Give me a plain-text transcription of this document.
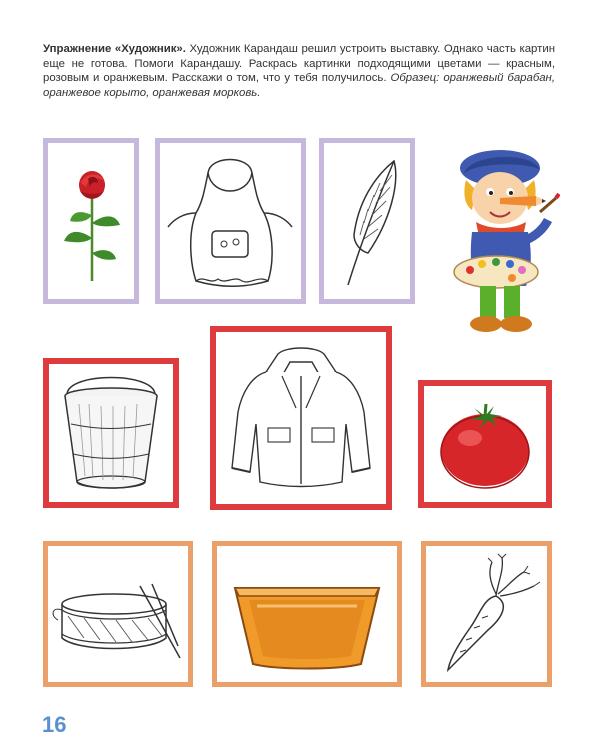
Упражнение «Художник». Художник Карандаш решил устроить выставку. Однако часть картин еще не готова. Помоги Карандашу. Раскрась картинки подходящими цветами — красным, розовым и оранжевым. Расскажи о том, что у тебя получилось. Образец: оранжевый барабан, оранжевое корыто, оранжевая морковь.
16
